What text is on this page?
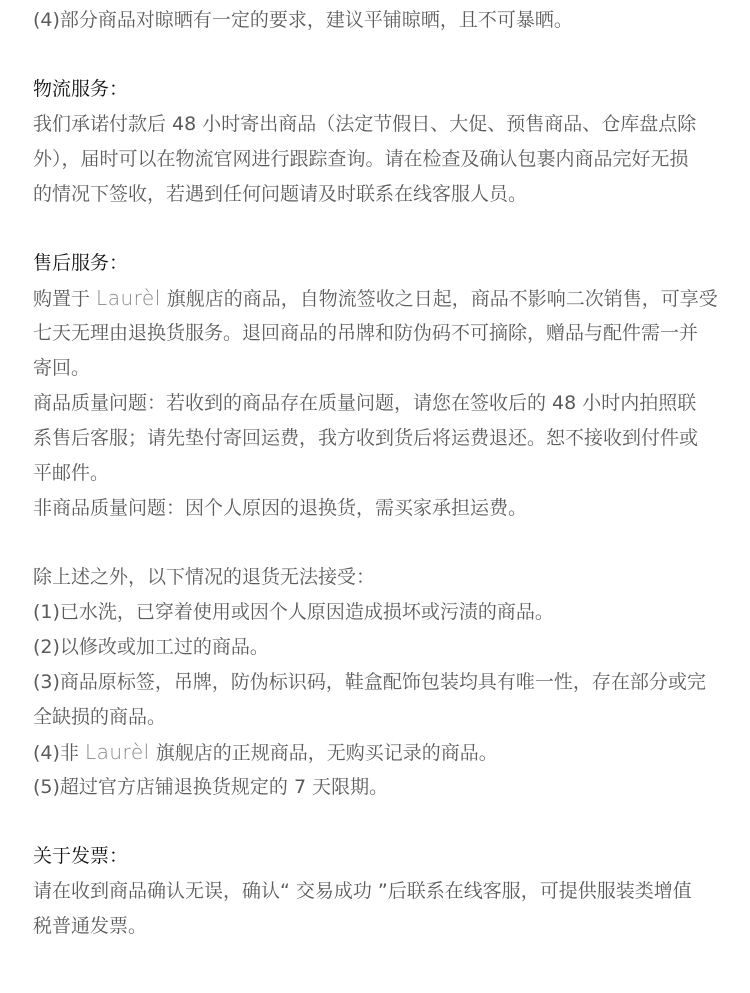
(4)部分商品对晾晒有一定的要求，建议平铺晾晒，且不可暴晒。
物流服务：
我们承诺付款后 48 小时寄出商品（法定节假日、大促、预售商品、仓库盘点除
外），届时可以在物流官网进行跟踪查询。请在检查及确认包裹内商品完好无损
的情况下签收，若遇到任何问题请及时联系在线客服人员。
售后服务：
购置于 Laurèl 旗舰店的商品，自物流签收之日起，商品不影响二次销售，可享受
七天无理由退换货服务。退回商品的吊牌和防伪码不可摘除，赠品与配件需一并
寄回。
商品质量问题：若收到的商品存在质量问题，请您在签收后的 48 小时内拍照联
系售后客服；请先垫付寄回运费，我方收到货后将运费退还。恕不接收到付件或
平邮件。
非商品质量问题：因个人原因的退换货，需买家承担运费。
除上述之外，以下情况的退货无法接受：
(1)已水洗，已穿着使用或因个人原因造成损坏或污渍的商品。
(2)以修改或加工过的商品。
(3)商品原标签，吊牌，防伪标识码，鞋盒配饰包装均具有唯一性，存在部分或完
全缺损的商品。
(4)非 Laurèl 旗舰店的正规商品，无购买记录的商品。
(5)超过官方店铺退换货规定的 7 天限期。
关于发票：
请在收到商品确认无误，确认“ 交易成功 ”后联系在线客服，可提供服装类增值
税普通发票。
